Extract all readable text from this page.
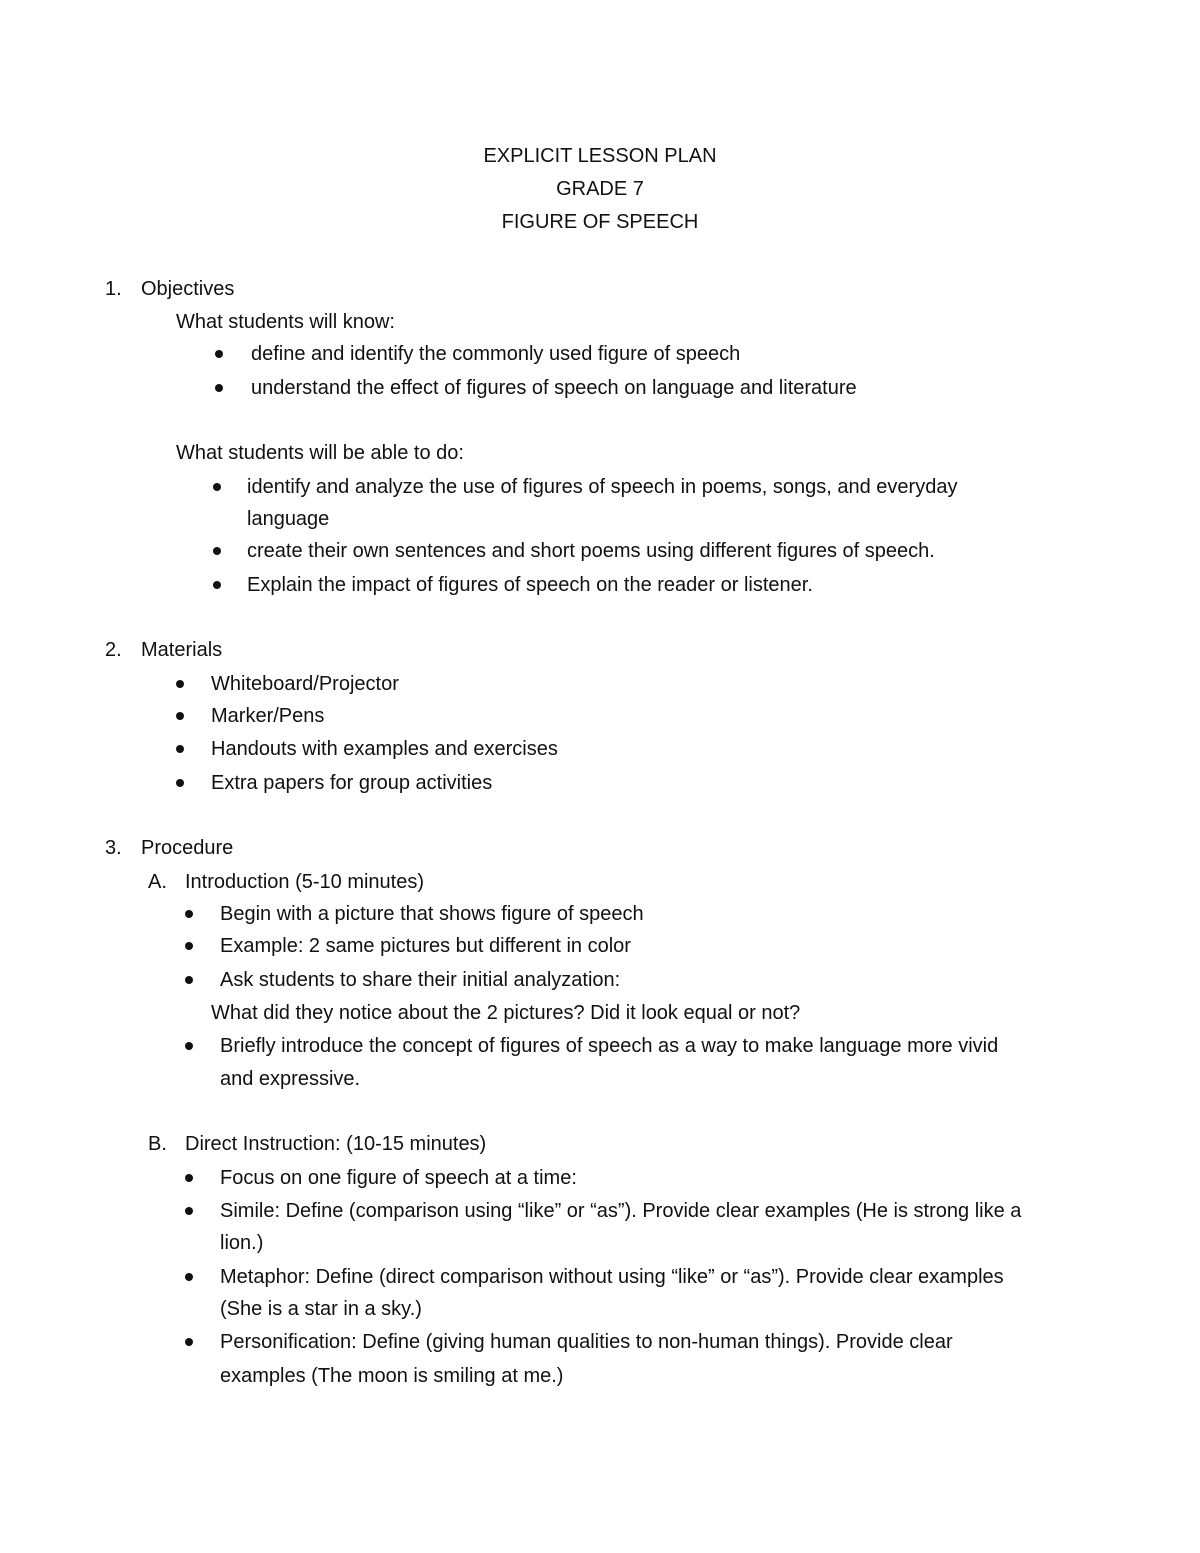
EXPLICIT LESSON PLAN
GRADE 7
FIGURE OF SPEECH
1. Objectives
What students will know:
define and identify the commonly used figure of speech
understand the effect of figures of speech on language and literature
What students will be able to do:
identify and analyze the use of figures of speech in poems, songs, and everyday
language
create their own sentences and short poems using different figures of speech.
Explain the impact of figures of speech on the reader or listener.
2. Materials
Whiteboard/Projector
Marker/Pens
Handouts with examples and exercises
Extra papers for group activities
3. Procedure
A. Introduction (5-10 minutes)
Begin with a picture that shows figure of speech
Example: 2 same pictures but different in color
Ask students to share their initial analyzation:
What did they notice about the 2 pictures? Did it look equal or not?
Briefly introduce the concept of figures of speech as a way to make language more vivid
and expressive.
B. Direct Instruction: (10-15 minutes)
Focus on one figure of speech at a time:
Simile: Define (comparison using “like” or “as”). Provide clear examples (He is strong like a
lion.)
Metaphor: Define (direct comparison without using “like” or “as”). Provide clear examples
(She is a star in a sky.)
Personification: Define (giving human qualities to non-human things). Provide clear
examples (The moon is smiling at me.)
